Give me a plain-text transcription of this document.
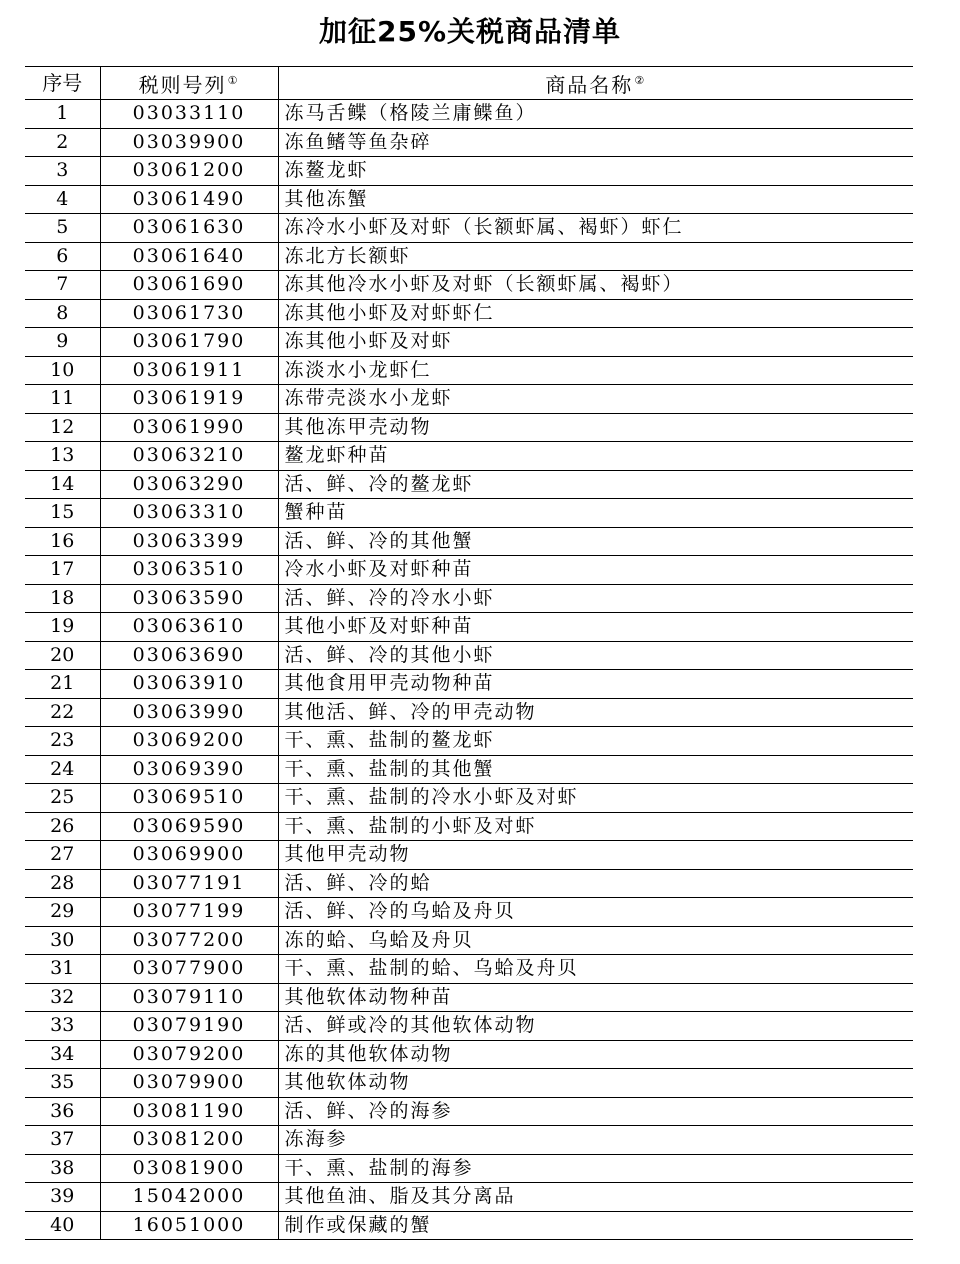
加征25%关税商品清单
序号	税则号列①	商品名称②
1	03033110	冻马舌鲽（格陵兰庸鲽鱼）
2	03039900	冻鱼鳍等鱼杂碎
3	03061200	冻鳌龙虾
4	03061490	其他冻蟹
5	03061630	冻冷水小虾及对虾（长额虾属、褐虾）虾仁
6	03061640	冻北方长额虾
7	03061690	冻其他冷水小虾及对虾（长额虾属、褐虾）
8	03061730	冻其他小虾及对虾虾仁
9	03061790	冻其他小虾及对虾
10	03061911	冻淡水小龙虾仁
11	03061919	冻带壳淡水小龙虾
12	03061990	其他冻甲壳动物
13	03063210	鳌龙虾种苗
14	03063290	活、鲜、冷的鳌龙虾
15	03063310	蟹种苗
16	03063399	活、鲜、冷的其他蟹
17	03063510	冷水小虾及对虾种苗
18	03063590	活、鲜、冷的冷水小虾
19	03063610	其他小虾及对虾种苗
20	03063690	活、鲜、冷的其他小虾
21	03063910	其他食用甲壳动物种苗
22	03063990	其他活、鲜、冷的甲壳动物
23	03069200	干、熏、盐制的鳌龙虾
24	03069390	干、熏、盐制的其他蟹
25	03069510	干、熏、盐制的冷水小虾及对虾
26	03069590	干、熏、盐制的小虾及对虾
27	03069900	其他甲壳动物
28	03077191	活、鲜、冷的蛤
29	03077199	活、鲜、冷的乌蛤及舟贝
30	03077200	冻的蛤、乌蛤及舟贝
31	03077900	干、熏、盐制的蛤、乌蛤及舟贝
32	03079110	其他软体动物种苗
33	03079190	活、鲜或冷的其他软体动物
34	03079200	冻的其他软体动物
35	03079900	其他软体动物
36	03081190	活、鲜、冷的海参
37	03081200	冻海参
38	03081900	干、熏、盐制的海参
39	15042000	其他鱼油、脂及其分离品
40	16051000	制作或保藏的蟹
